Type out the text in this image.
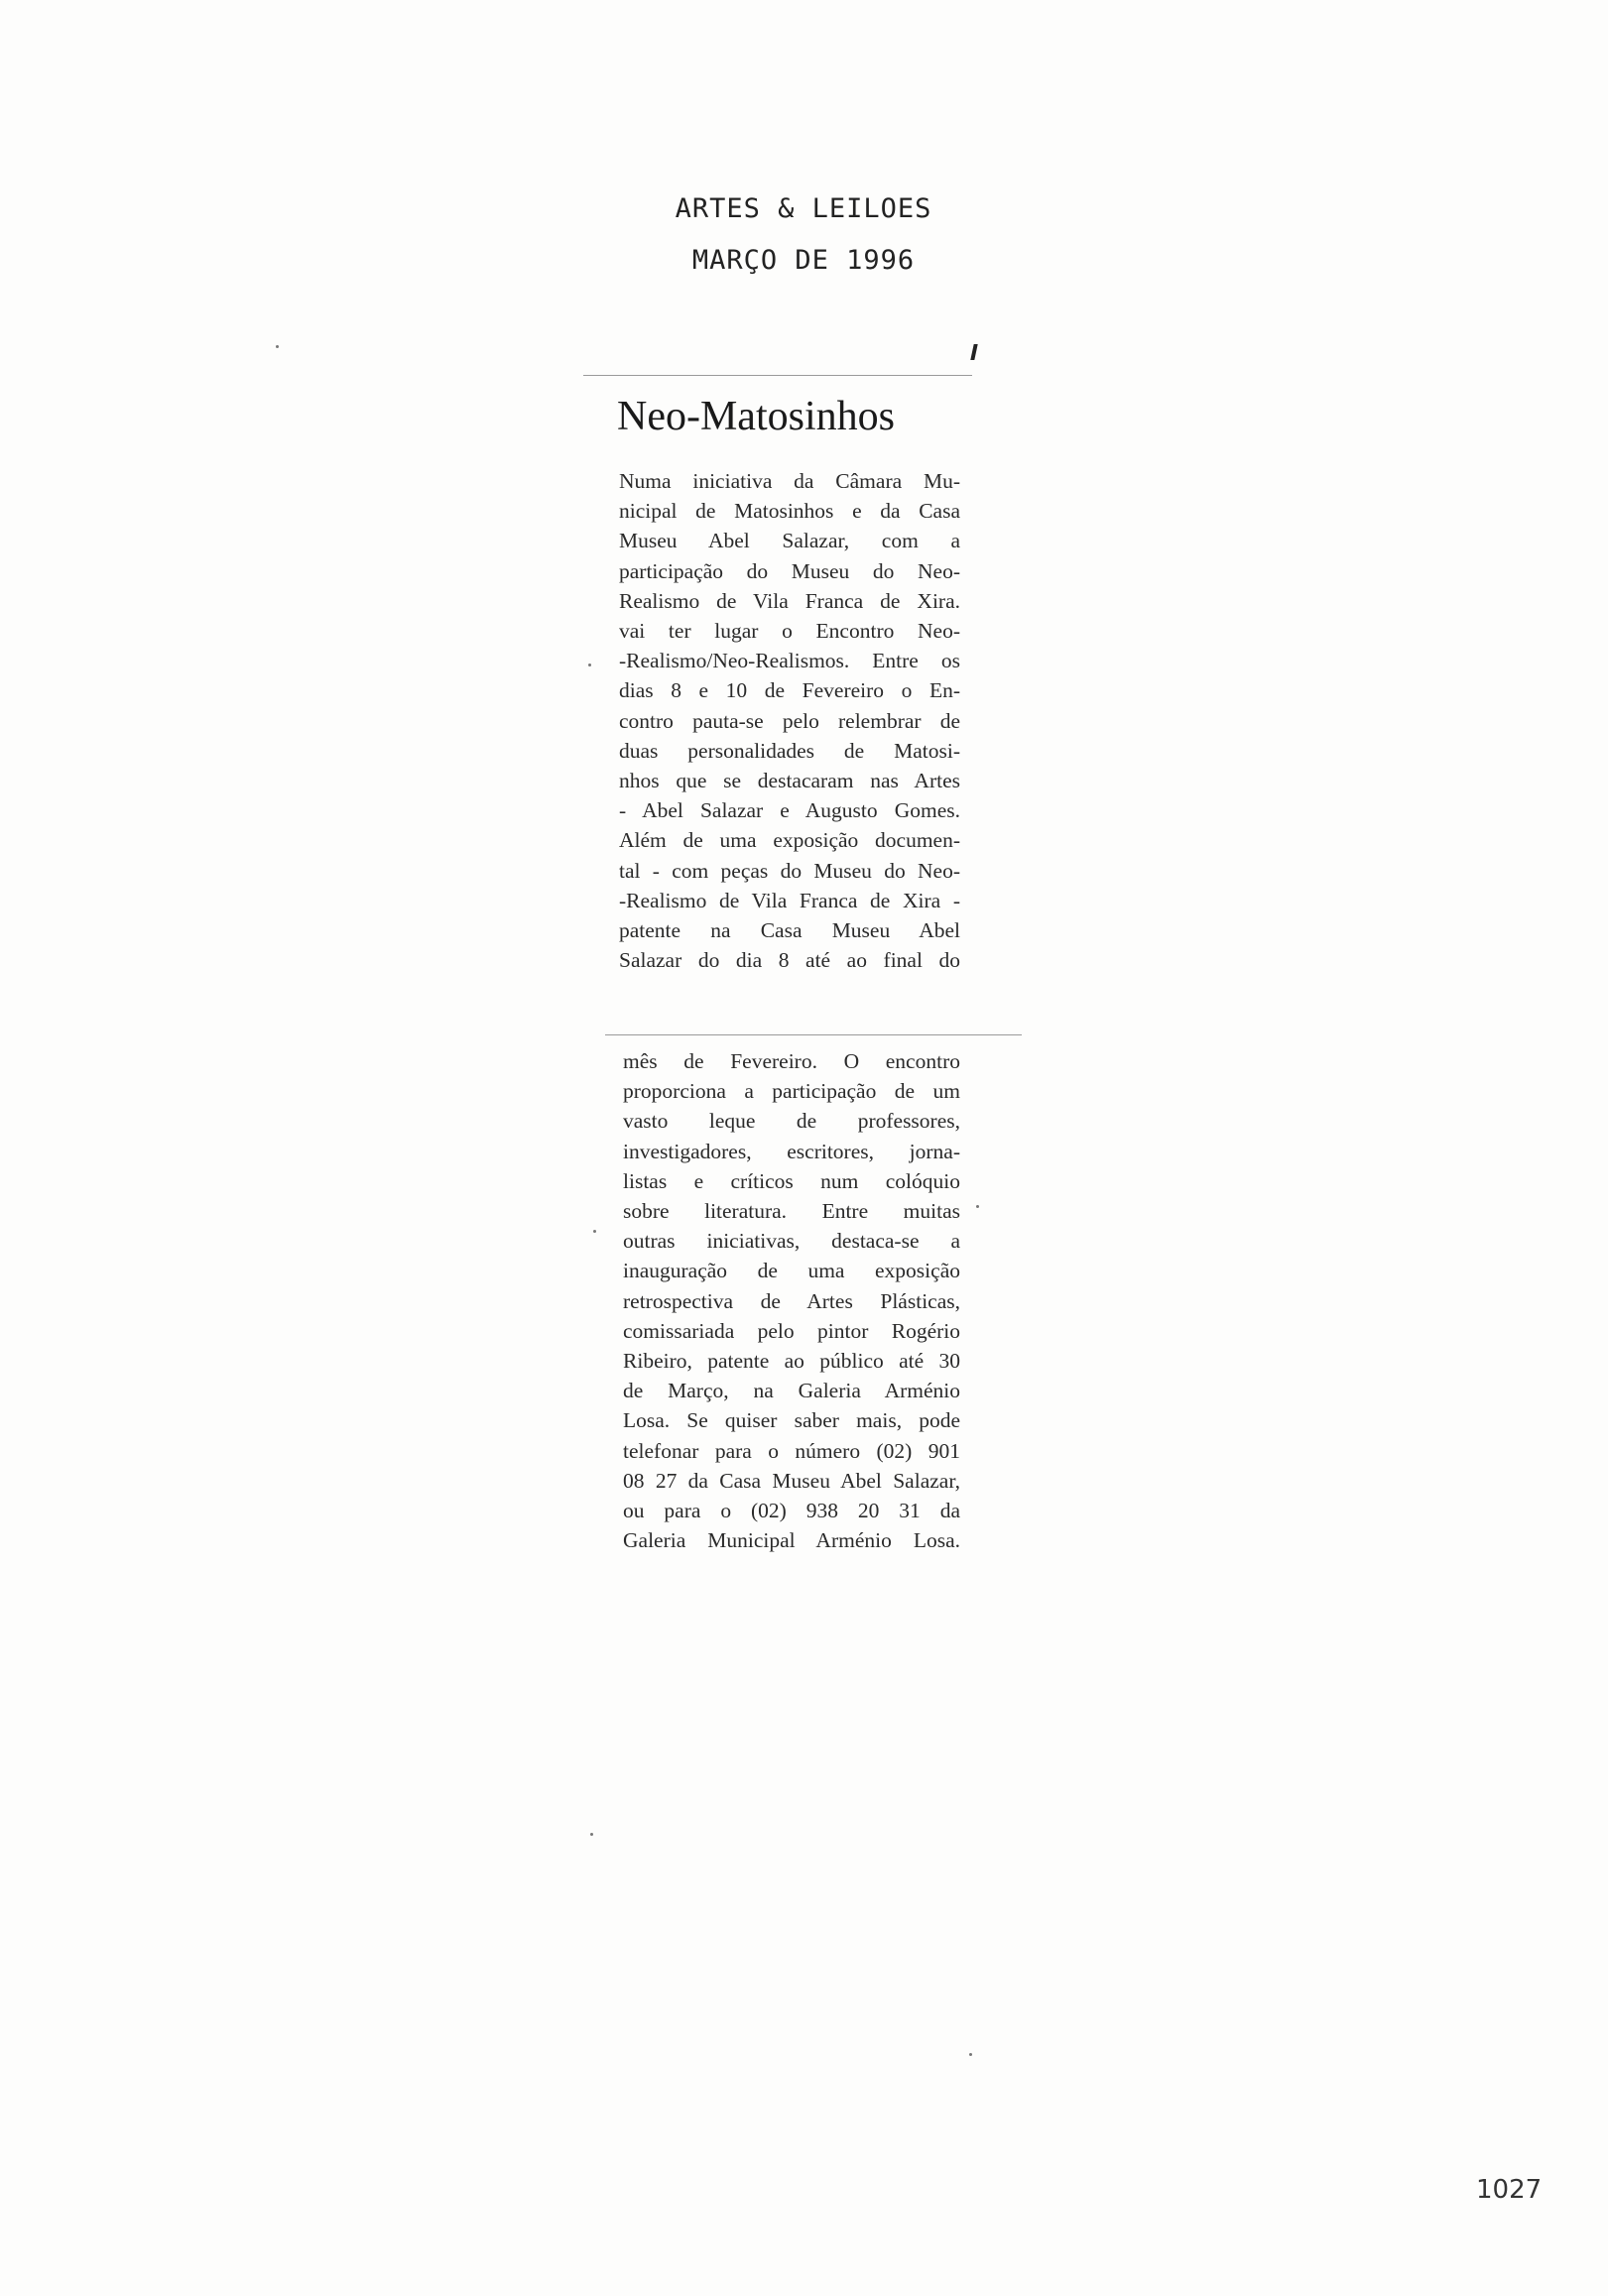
ARTES & LEILOES
MARÇO DE 1996
Neo-Matosinhos
Numa iniciativa da Câmara Mu-
nicipal de Matosinhos e da Casa
Museu Abel Salazar, com a
participação do Museu do Neo-
Realismo de Vila Franca de Xira.
vai ter lugar o Encontro Neo-
-Realismo/Neo-Realismos. Entre os
dias 8 e 10 de Fevereiro o En-
contro pauta-se pelo relembrar de
duas personalidades de Matosi-
nhos que se destacaram nas Artes
- Abel Salazar e Augusto Gomes.
Além de uma exposição documen-
tal - com peças do Museu do Neo-
-Realismo de Vila Franca de Xira -
patente na Casa Museu Abel
Salazar do dia 8 até ao final do
mês de Fevereiro. O encontro
proporciona a participação de um
vasto leque de professores,
investigadores, escritores, jorna-
listas e críticos num colóquio
sobre literatura. Entre muitas
outras iniciativas, destaca-se a
inauguração de uma exposição
retrospectiva de Artes Plásticas,
comissariada pelo pintor Rogério
Ribeiro, patente ao público até 30
de Março, na Galeria Arménio
Losa. Se quiser saber mais, pode
telefonar para o número (02) 901
08 27 da Casa Museu Abel Salazar,
ou para o (02) 938 20 31 da
Galeria Municipal Arménio Losa.
1027
